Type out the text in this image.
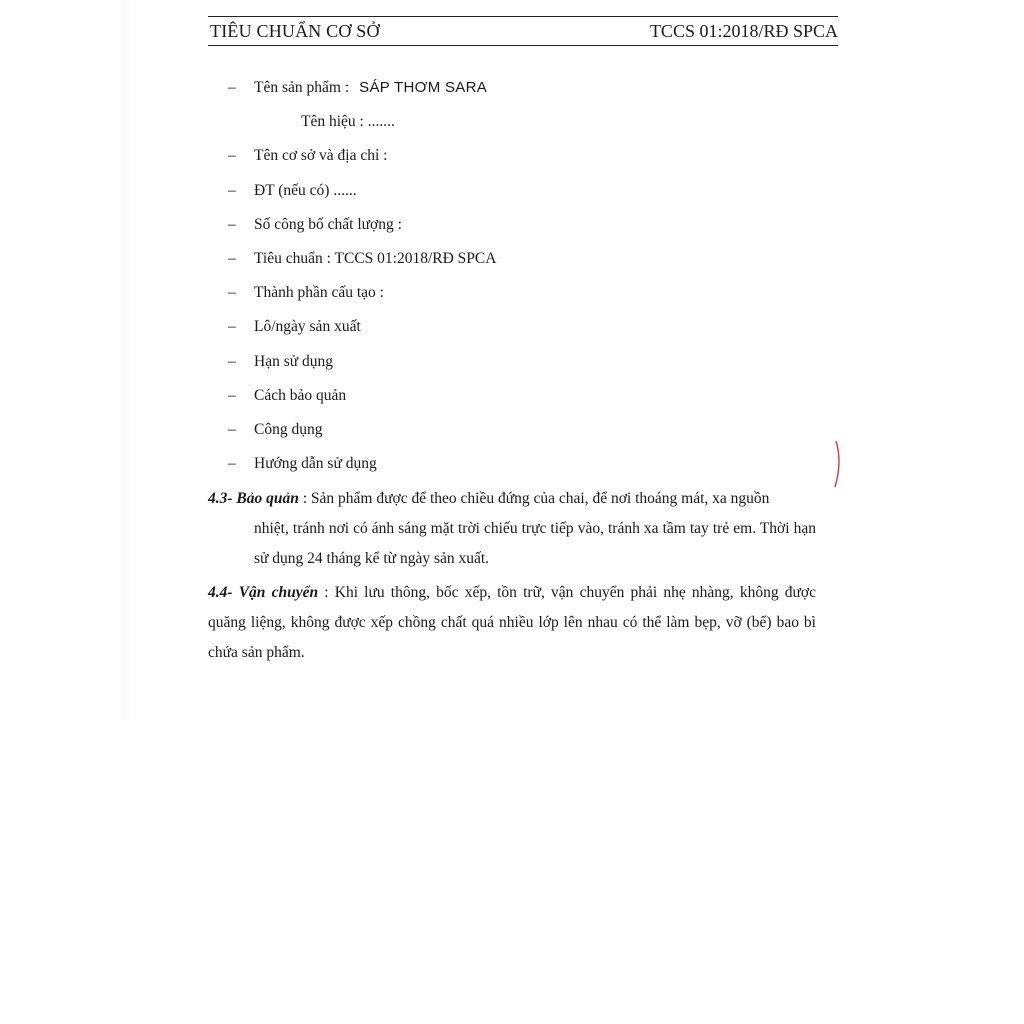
TIÊU CHUẨN CƠ SỞ	TCCS 01:2018/RĐ SPCA
– Tên sản phẩm : SÁP THƠM SARA
Tên hiệu : .......
– Tên cơ sở và địa chỉ :
– ĐT (nếu có) ......
– Số công bố chất lượng :
– Tiêu chuẩn : TCCS 01:2018/RĐ SPCA
– Thành phần cấu tạo :
– Lô/ngày sản xuất
– Hạn sử dụng
– Cách bảo quản
– Công dụng
– Hướng dẫn sử dụng
4.3- Bảo quản : Sản phẩm được để theo chiều đứng của chai, để nơi thoáng mát, xa nguồn
nhiệt, tránh nơi có ánh sáng mặt trời chiếu trực tiếp vào, tránh xa tầm tay trẻ em. Thời hạn sử dụng 24 tháng kể từ ngày sản xuất.
4.4- Vận chuyển : Khi lưu thông, bốc xếp, tồn trữ, vận chuyển phải nhẹ nhàng, không được quăng liệng, không được xếp chồng chất quá nhiều lớp lên nhau có thể làm bẹp, vỡ (bể) bao bì chứa sản phẩm.
